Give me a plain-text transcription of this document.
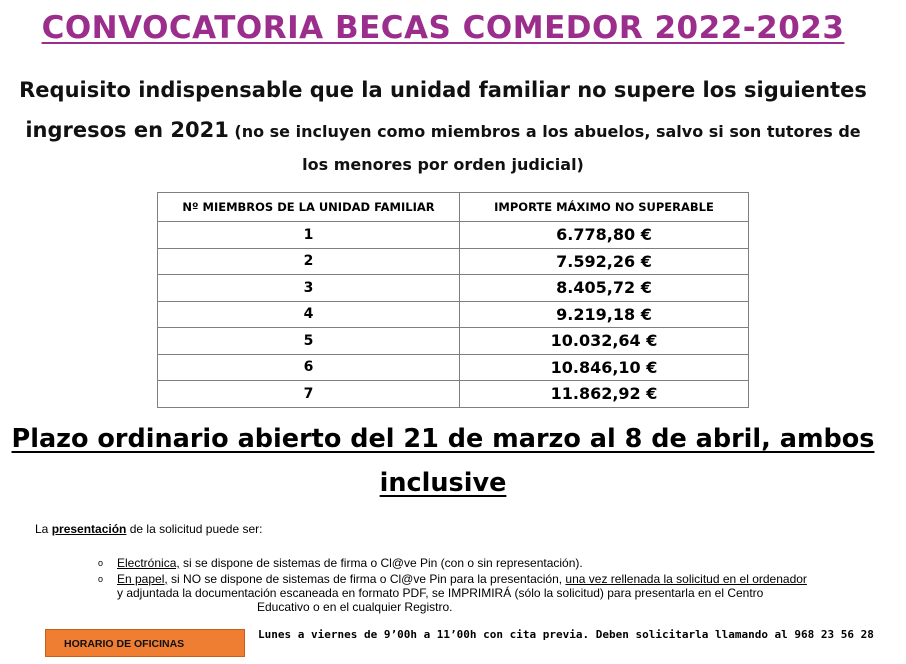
CONVOCATORIA BECAS COMEDOR 2022-2023
Requisito indispensable que la unidad familiar no supere los siguientes
ingresos en 2021 (no se incluyen como miembros a los abuelos, salvo si son tutores de
los menores por orden judicial)
Nº MIEMBROS DE LA UNIDAD FAMILIAR	IMPORTE MÁXIMO NO SUPERABLE
1	6.778,80 €
2	7.592,26 €
3	8.405,72 €
4	9.219,18 €
5	10.032,64 €
6	10.846,10 €
7	11.862,92 €
Plazo ordinario abierto del 21 de marzo al 8 de abril, ambos
inclusive
La presentación de la solicitud puede ser:
o Electrónica, si se dispone de sistemas de firma o Cl@ve Pin (con o sin representación).
o En papel, si NO se dispone de sistemas de firma o Cl@ve Pin para la presentación, una vez rellenada la solicitud en el ordenador
y adjuntada la documentación escaneada en formato PDF, se IMPRIMIRÁ (sólo la solicitud) para presentarla en el Centro
Educativo o en el cualquier Registro.
HORARIO DE OFICINAS
Lunes a viernes de 9’00h a 11’00h con cita previa. Deben solicitarla llamando al 968 23 56 28
